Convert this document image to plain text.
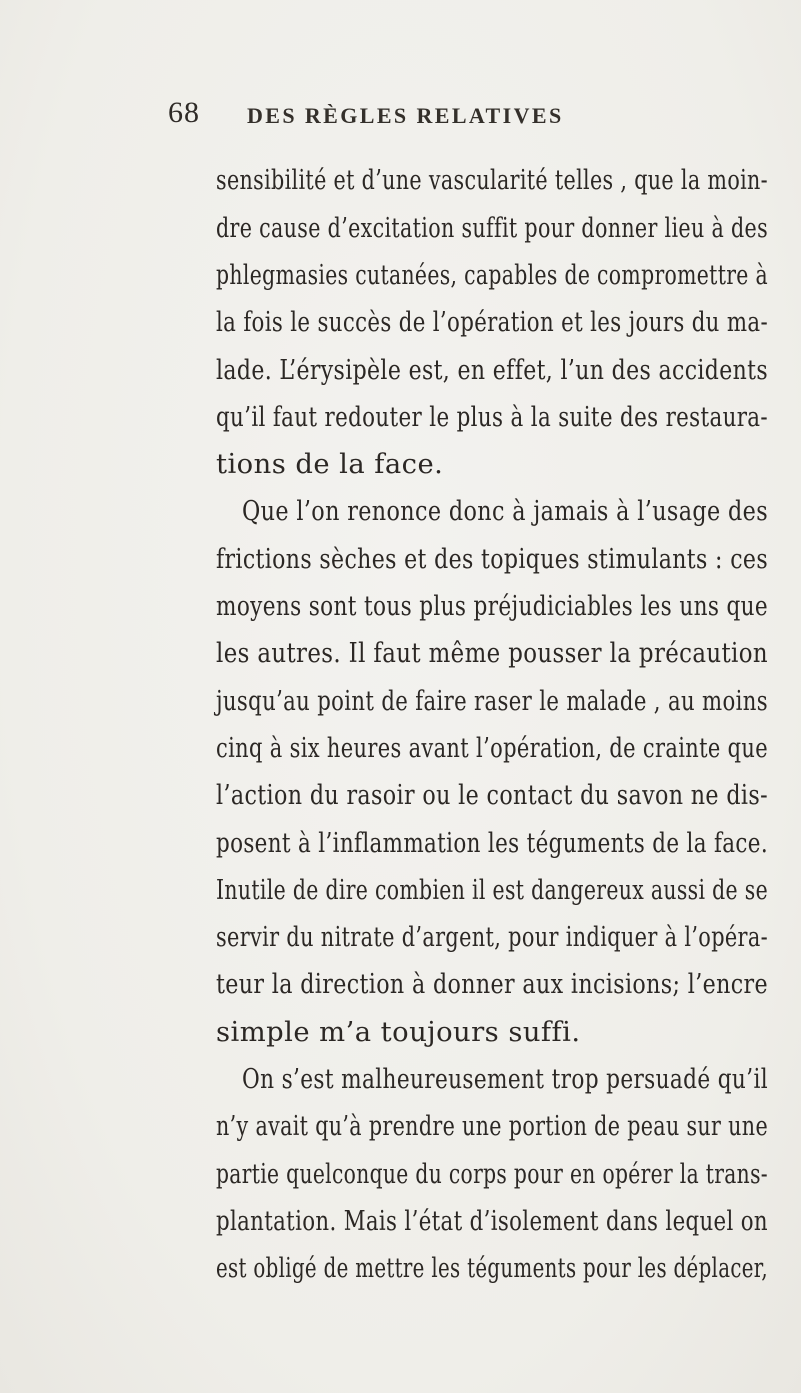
68 DES RÈGLES RELATIVES

sensibilité et d’une vascularité telles , que la moin-

dre cause d’excitation suffit pour donner lieu à des

phlegmasies cutanées, capables de compromettre à

la fois le succès de l’opération et les jours du ma-

lade. L’érysipèle est, en effet, l’un des accidents

qu’il faut redouter le plus à la suite des restaura-

tions de la face.

Que l’on renonce donc à jamais à l’usage des

frictions sèches et des topiques stimulants : ces

moyens sont tous plus préjudiciables les uns que

les autres. Il faut même pousser la précaution

jusqu’au point de faire raser le malade , au moins

cinq à six heures avant l’opération, de crainte que

l’action du rasoir ou le contact du savon ne dis-

posent à l’inflammation les téguments de la face.

Inutile de dire combien il est dangereux aussi de se

servir du nitrate d’argent, pour indiquer à l’opéra-

teur la direction à donner aux incisions; l’encre

simple m’a toujours suffi.

On s’est malheureusement trop persuadé qu’il

n’y avait qu’à prendre une portion de peau sur une

partie quelconque du corps pour en opérer la trans-

plantation. Mais l’état d’isolement dans lequel on

est obligé de mettre les téguments pour les déplacer,
